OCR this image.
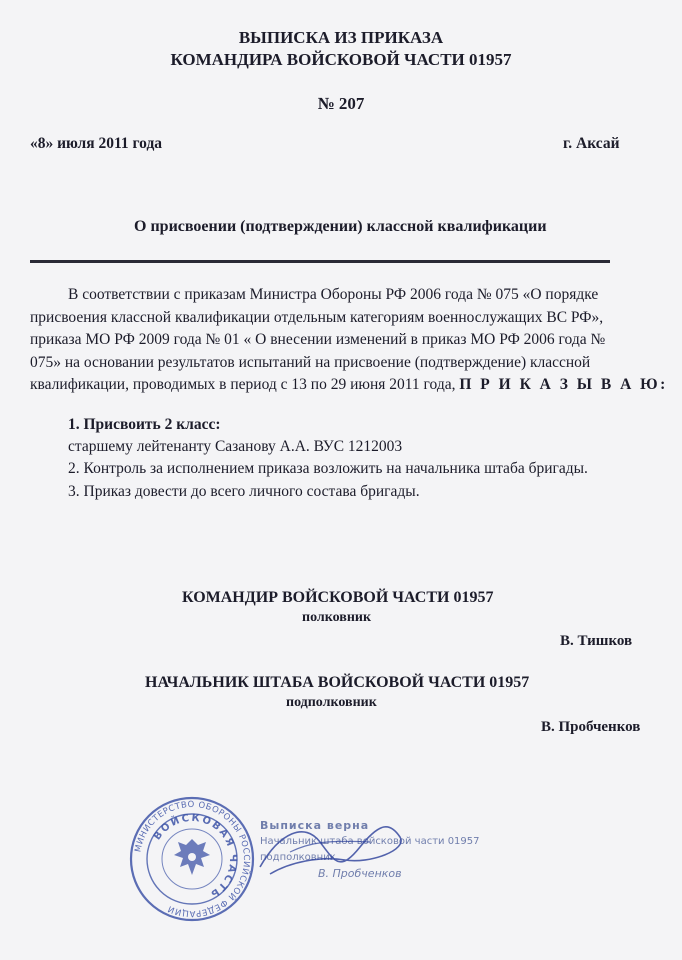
ВЫПИСКА ИЗ ПРИКАЗА
КОМАНДИРА ВОЙСКОВОЙ ЧАСТИ 01957
№ 207
«8» июля 2011 года	г. Аксай
О присвоении (подтверждении) классной квалификации
В соответствии с приказам Министра Обороны РФ 2006 года № 075 «О порядке
присвоения классной квалификации отдельным категориям военнослужащих ВС РФ»,
приказа МО РФ 2009 года № 01 « О внесении изменений в приказ МО РФ 2006 года №
075» на основании результатов испытаний на присвоение (подтверждение) классной
квалификации, проводимых в период с 13 по 29 июня 2011 года, П Р И К А З Ы В А Ю:
1. Присвоить 2 класс:
старшему лейтенанту Сазанову А.А. ВУС 1212003
2. Контроль за исполнением приказа возложить на начальника штаба бригады.
3. Приказ довести до всего личного состава бригады.
КОМАНДИР ВОЙСКОВОЙ ЧАСТИ 01957
полковник
В. Тишков
НАЧАЛЬНИК ШТАБА ВОЙСКОВОЙ ЧАСТИ 01957
подполковник
В. Пробченков
Выписка верна
Начальник штаба войсковой части 01957
подполковник
В. Пробченков
МИНИСТЕРСТВО ОБОРОНЫ РОССИЙСКОЙ ФЕДЕРАЦИИ
ВОЙСКОВАЯ ЧАСТЬ
